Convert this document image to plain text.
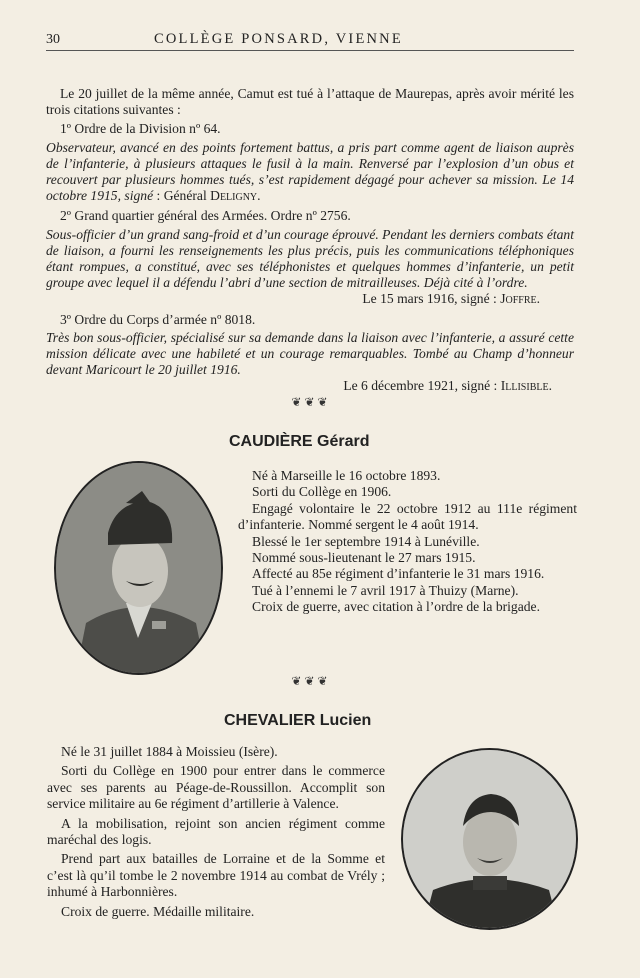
30	COLLÈGE PONSARD, VIENNE

Le 20 juillet de la même année, Camut est tué à l’attaque de Maurepas, après avoir mérité les trois citations suivantes :

1º Ordre de la Division nº 64.

Observateur, avancé en des points fortement battus, a pris part comme agent de liaison auprès de l’infanterie, à plusieurs attaques le fusil à la main. Renversé par l’explosion d’un obus et recouvert par plusieurs hommes tués, s’est rapidement dégagé pour achever sa mission. Le 14 octobre 1915, signé : Général Deligny.

2º Grand quartier général des Armées. Ordre nº 2756.

Sous-officier d’un grand sang-froid et d’un courage éprouvé. Pendant les derniers combats étant de liaison, a fourni les renseignements les plus précis, puis les communications téléphoniques étant rompues, a constitué, avec ses téléphonistes et quelques hommes d’infanterie, un petit groupe avec lequel il a défendu l’abri d’une section de mitrailleuses. Déjà cité à l’ordre.

Le 15 mars 1916, signé : Joffre.

3º Ordre du Corps d’armée nº 8018.

Très bon sous-officier, spécialisé sur sa demande dans la liaison avec l’infanterie, a assuré cette mission délicate avec une habileté et un courage remarquables. Tombé au Champ d’honneur devant Maricourt le 20 juillet 1916.

Le 6 décembre 1921, signé : Illisible.

❦❦❦
CAUDIÈRE Gérard

Né à Marseille le 16 octobre 1893.

Sorti du Collège en 1906.

Engagé volontaire le 22 octobre 1912 au 111e régiment d’infanterie. Nommé sergent le 4 août 1914.

Blessé le 1er septembre 1914 à Lunéville.

Nommé sous-lieutenant le 27 mars 1915.

Affecté au 85e régiment d’infanterie le 31 mars 1916.

Tué à l’ennemi le 7 avril 1917 à Thuizy (Marne).

Croix de guerre, avec citation à l’ordre de la brigade.

❦❦❦
CHEVALIER Lucien

Né le 31 juillet 1884 à Moissieu (Isère).

Sorti du Collège en 1900 pour entrer dans le commerce avec ses parents au Péage-de-Roussillon. Accomplit son service militaire au 6e régiment d’artillerie à Valence.

A la mobilisation, rejoint son ancien régiment comme maréchal des logis.

Prend part aux batailles de Lorraine et de la Somme et c’est là qu’il tombe le 2 novembre 1914 au combat de Vrély ; inhumé à Harbonnières.

Croix de guerre. Médaille militaire.
